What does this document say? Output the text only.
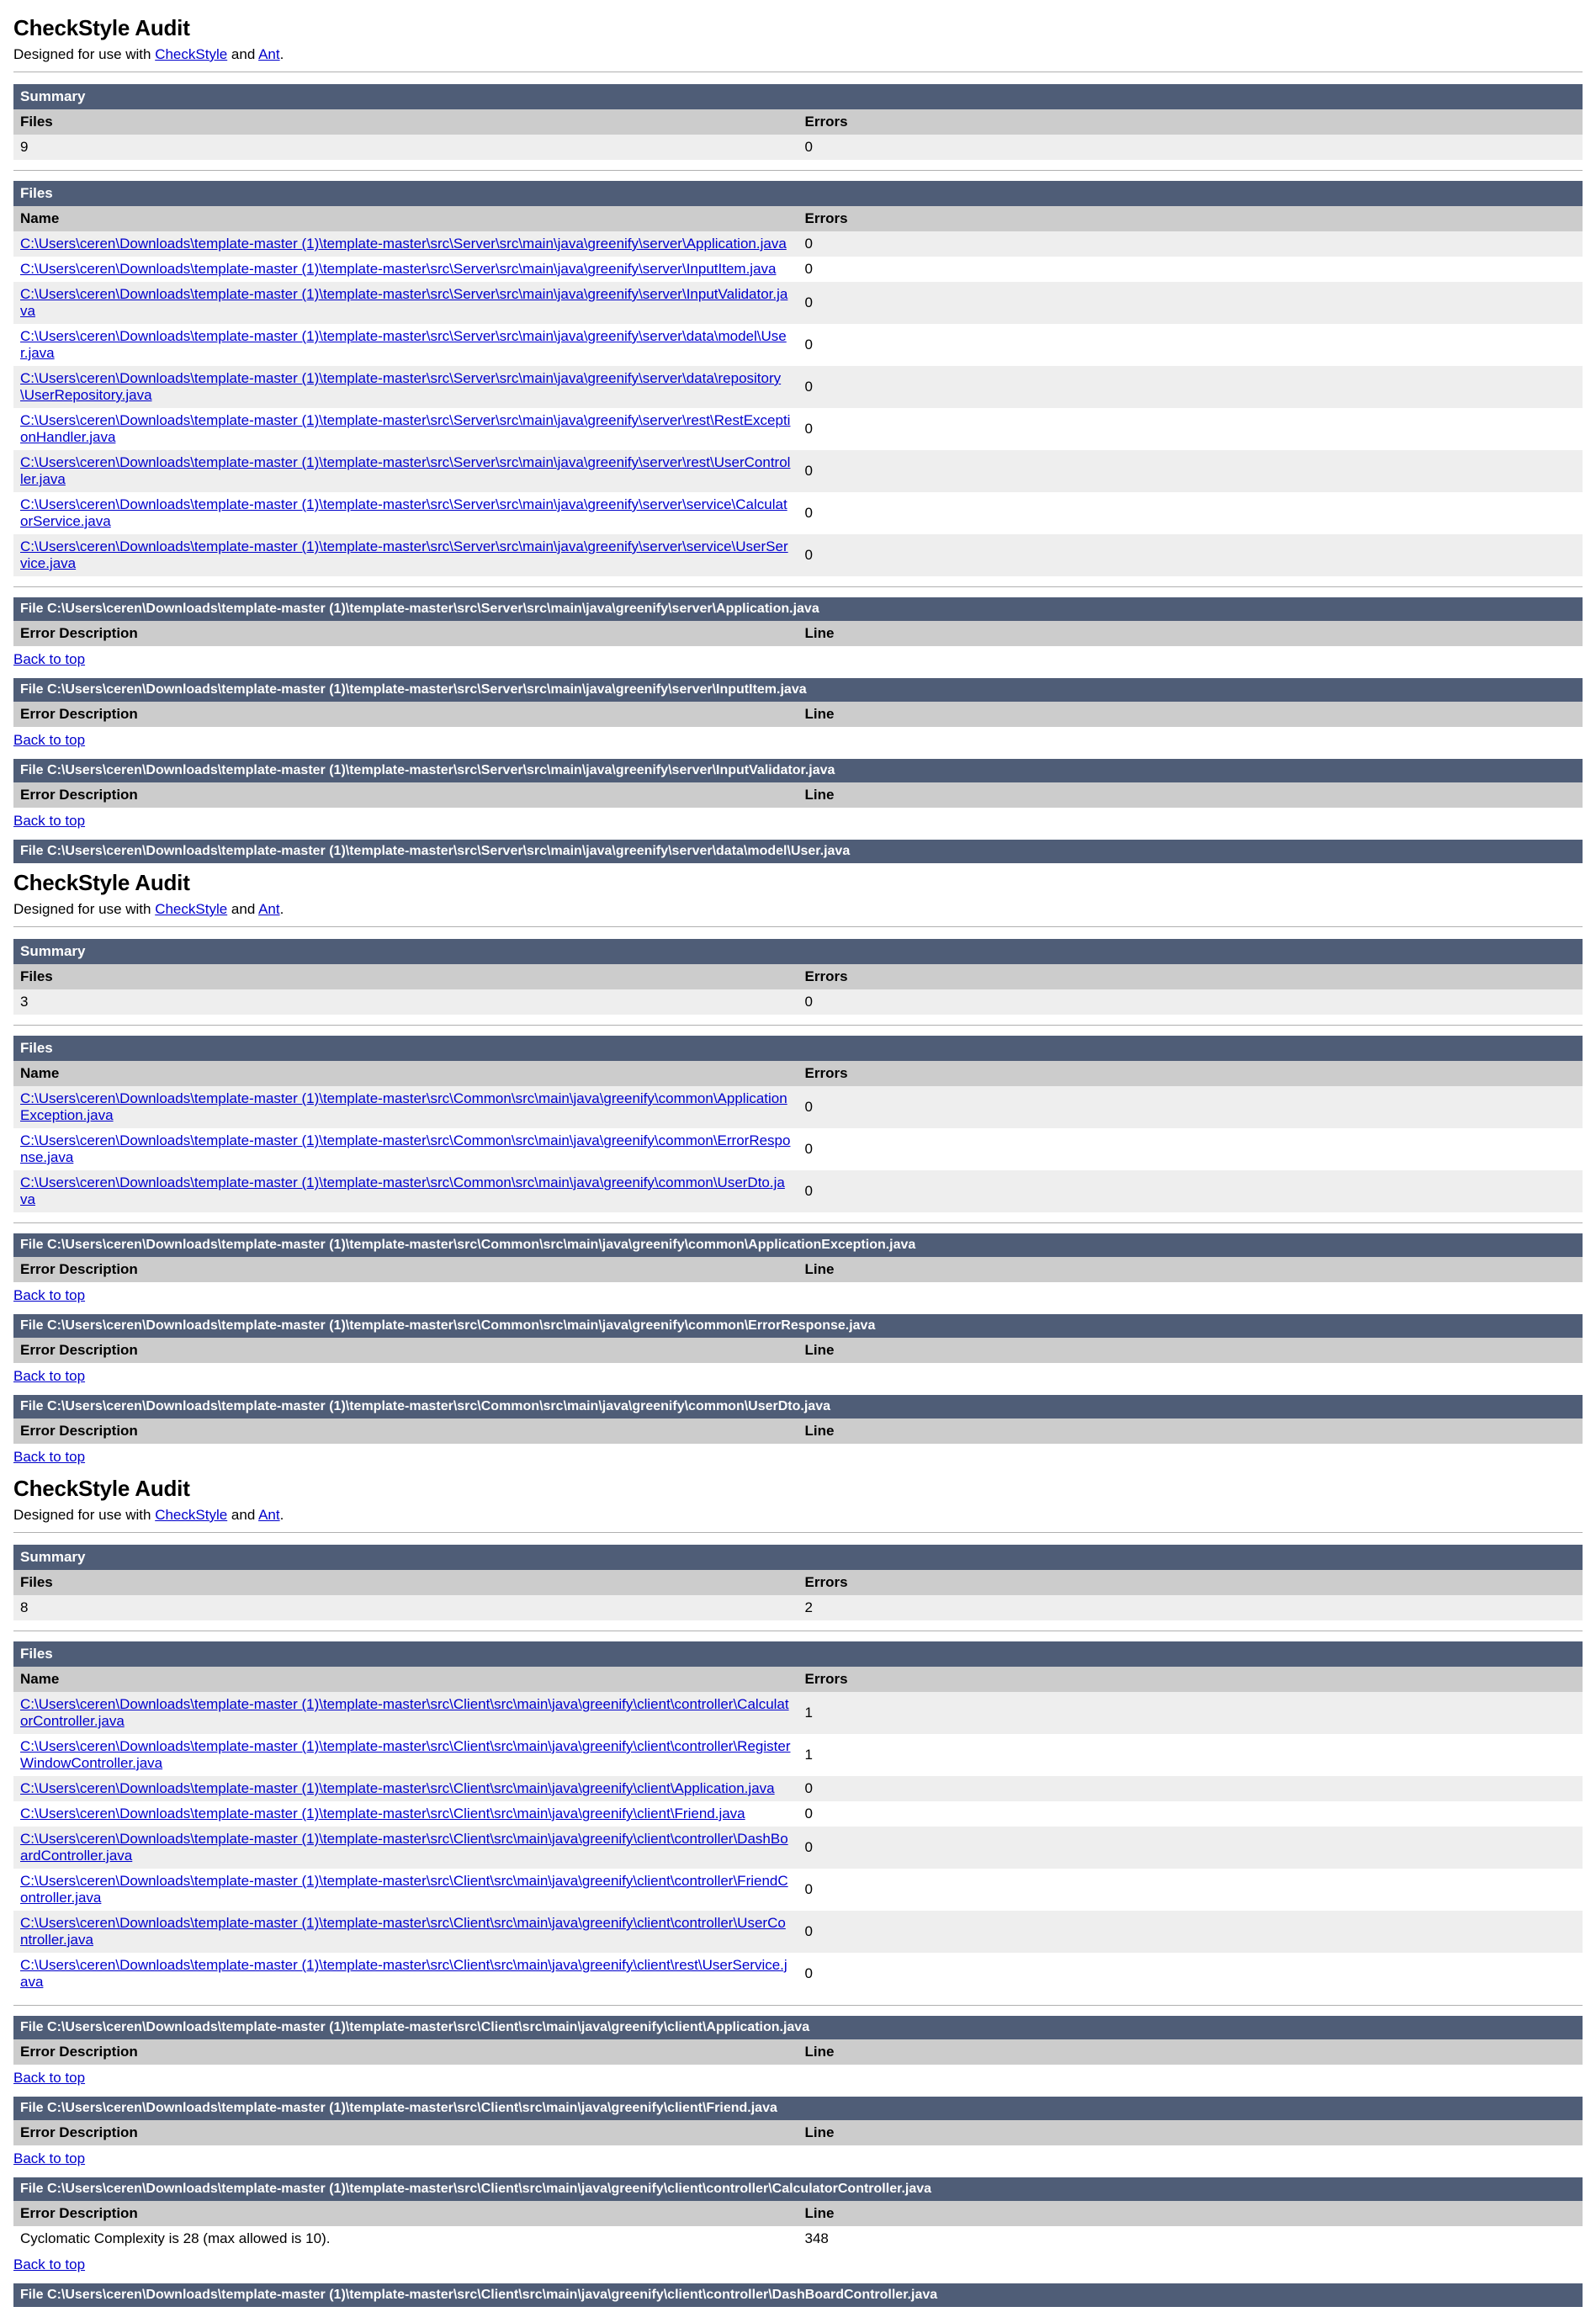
CheckStyle Audit
Designed for use with CheckStyle and Ant.
Summary	
Files	Errors
9	0
Files	
Name	Errors
C:\Users\ceren\Downloads\template-master (1)\template-master\src\Server\src\main\java\greenify\server\Application.java	0
C:\Users\ceren\Downloads\template-master (1)\template-master\src\Server\src\main\java\greenify\server\InputItem.java	0
C:\Users\ceren\Downloads\template-master (1)\template-master\src\Server\src\main\java\greenify\server\InputValidator.java	0
C:\Users\ceren\Downloads\template-master (1)\template-master\src\Server\src\main\java\greenify\server\data\model\User.java	0
C:\Users\ceren\Downloads\template-master (1)\template-master\src\Server\src\main\java\greenify\server\data\repository\UserRepository.java	0
C:\Users\ceren\Downloads\template-master (1)\template-master\src\Server\src\main\java\greenify\server\rest\RestExceptionHandler.java	0
C:\Users\ceren\Downloads\template-master (1)\template-master\src\Server\src\main\java\greenify\server\rest\UserController.java	0
C:\Users\ceren\Downloads\template-master (1)\template-master\src\Server\src\main\java\greenify\server\service\CalculatorService.java	0
C:\Users\ceren\Downloads\template-master (1)\template-master\src\Server\src\main\java\greenify\server\service\UserService.java	0
File C:\Users\ceren\Downloads\template-master (1)\template-master\src\Server\src\main\java\greenify\server\Application.java
Error Description	Line
Back to top
File C:\Users\ceren\Downloads\template-master (1)\template-master\src\Server\src\main\java\greenify\server\InputItem.java
Error Description	Line
Back to top
File C:\Users\ceren\Downloads\template-master (1)\template-master\src\Server\src\main\java\greenify\server\InputValidator.java
Error Description	Line
Back to top
File C:\Users\ceren\Downloads\template-master (1)\template-master\src\Server\src\main\java\greenify\server\data\model\User.java
CheckStyle Audit
Designed for use with CheckStyle and Ant.
Summary	
Files	Errors
3	0
Files	
Name	Errors
C:\Users\ceren\Downloads\template-master (1)\template-master\src\Common\src\main\java\greenify\common\ApplicationException.java	0
C:\Users\ceren\Downloads\template-master (1)\template-master\src\Common\src\main\java\greenify\common\ErrorResponse.java	0
C:\Users\ceren\Downloads\template-master (1)\template-master\src\Common\src\main\java\greenify\common\UserDto.java	0
File C:\Users\ceren\Downloads\template-master (1)\template-master\src\Common\src\main\java\greenify\common\ApplicationException.java
Error Description	Line
Back to top
File C:\Users\ceren\Downloads\template-master (1)\template-master\src\Common\src\main\java\greenify\common\ErrorResponse.java
Error Description	Line
Back to top
File C:\Users\ceren\Downloads\template-master (1)\template-master\src\Common\src\main\java\greenify\common\UserDto.java
Error Description	Line
Back to top
CheckStyle Audit
Designed for use with CheckStyle and Ant.
Summary	
Files	Errors
8	2
Files	
Name	Errors
C:\Users\ceren\Downloads\template-master (1)\template-master\src\Client\src\main\java\greenify\client\controller\CalculatorController.java	1
C:\Users\ceren\Downloads\template-master (1)\template-master\src\Client\src\main\java\greenify\client\controller\RegisterWindowController.java	1
C:\Users\ceren\Downloads\template-master (1)\template-master\src\Client\src\main\java\greenify\client\Application.java	0
C:\Users\ceren\Downloads\template-master (1)\template-master\src\Client\src\main\java\greenify\client\Friend.java	0
C:\Users\ceren\Downloads\template-master (1)\template-master\src\Client\src\main\java\greenify\client\controller\DashBoardController.java	0
C:\Users\ceren\Downloads\template-master (1)\template-master\src\Client\src\main\java\greenify\client\controller\FriendController.java	0
C:\Users\ceren\Downloads\template-master (1)\template-master\src\Client\src\main\java\greenify\client\controller\UserController.java	0
C:\Users\ceren\Downloads\template-master (1)\template-master\src\Client\src\main\java\greenify\client\rest\UserService.java	0
File C:\Users\ceren\Downloads\template-master (1)\template-master\src\Client\src\main\java\greenify\client\Application.java
Error Description	Line
Back to top
File C:\Users\ceren\Downloads\template-master (1)\template-master\src\Client\src\main\java\greenify\client\Friend.java
Error Description	Line
Back to top
File C:\Users\ceren\Downloads\template-master (1)\template-master\src\Client\src\main\java\greenify\client\controller\CalculatorController.java	
Error Description	Line
Cyclomatic Complexity is 28 (max allowed is 10).	348
Back to top
File C:\Users\ceren\Downloads\template-master (1)\template-master\src\Client\src\main\java\greenify\client\controller\DashBoardController.java
